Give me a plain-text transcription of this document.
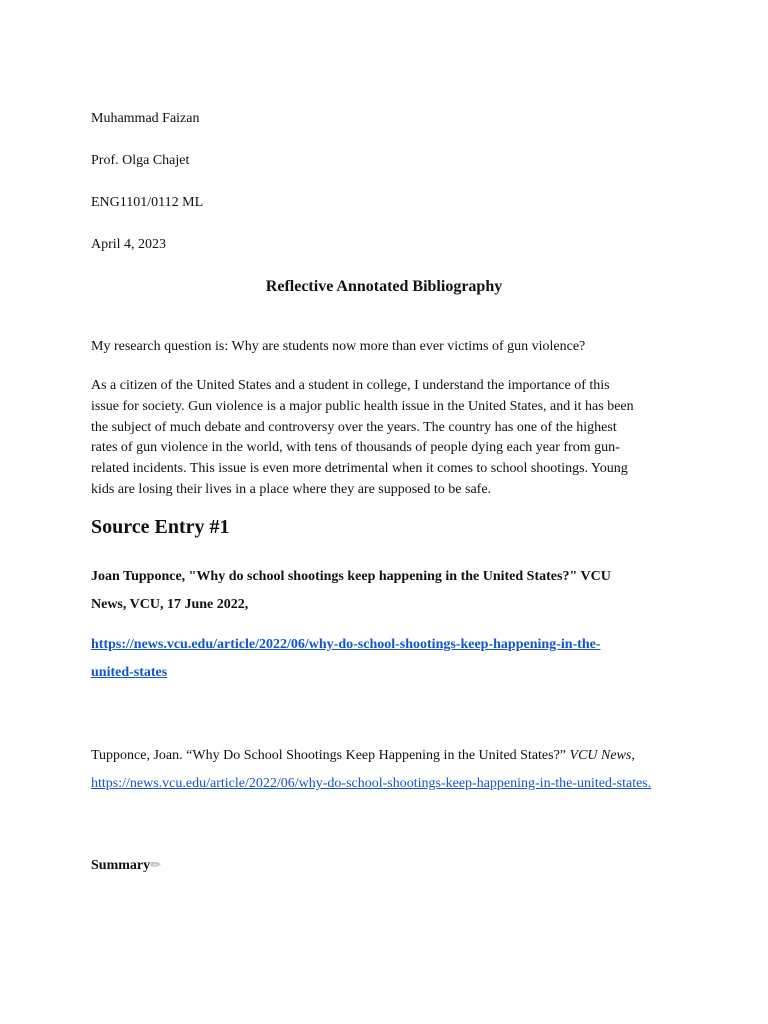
Muhammad Faizan
Prof. Olga Chajet
ENG1101/0112 ML
April 4, 2023
Reflective Annotated Bibliography
My research question is: Why are students now more than ever victims of gun violence?
As a citizen of the United States and a student in college, I understand the importance of this
issue for society. Gun violence is a major public health issue in the United States, and it has been
the subject of much debate and controversy over the years. The country has one of the highest
rates of gun violence in the world, with tens of thousands of people dying each year from gun-
related incidents. This issue is even more detrimental when it comes to school shootings. Young
kids are losing their lives in a place where they are supposed to be safe.
Source Entry #1
Joan Tupponce, "Why do school shootings keep happening in the United States?" VCU
News, VCU, 17 June 2022,
https://news.vcu.edu/article/2022/06/why-do-school-shootings-keep-happening-in-the-
united-states
Tupponce, Joan. “Why Do School Shootings Keep Happening in the United States?” VCU News,
https://news.vcu.edu/article/2022/06/why-do-school-shootings-keep-happening-in-the-united-states.
Summary✏
